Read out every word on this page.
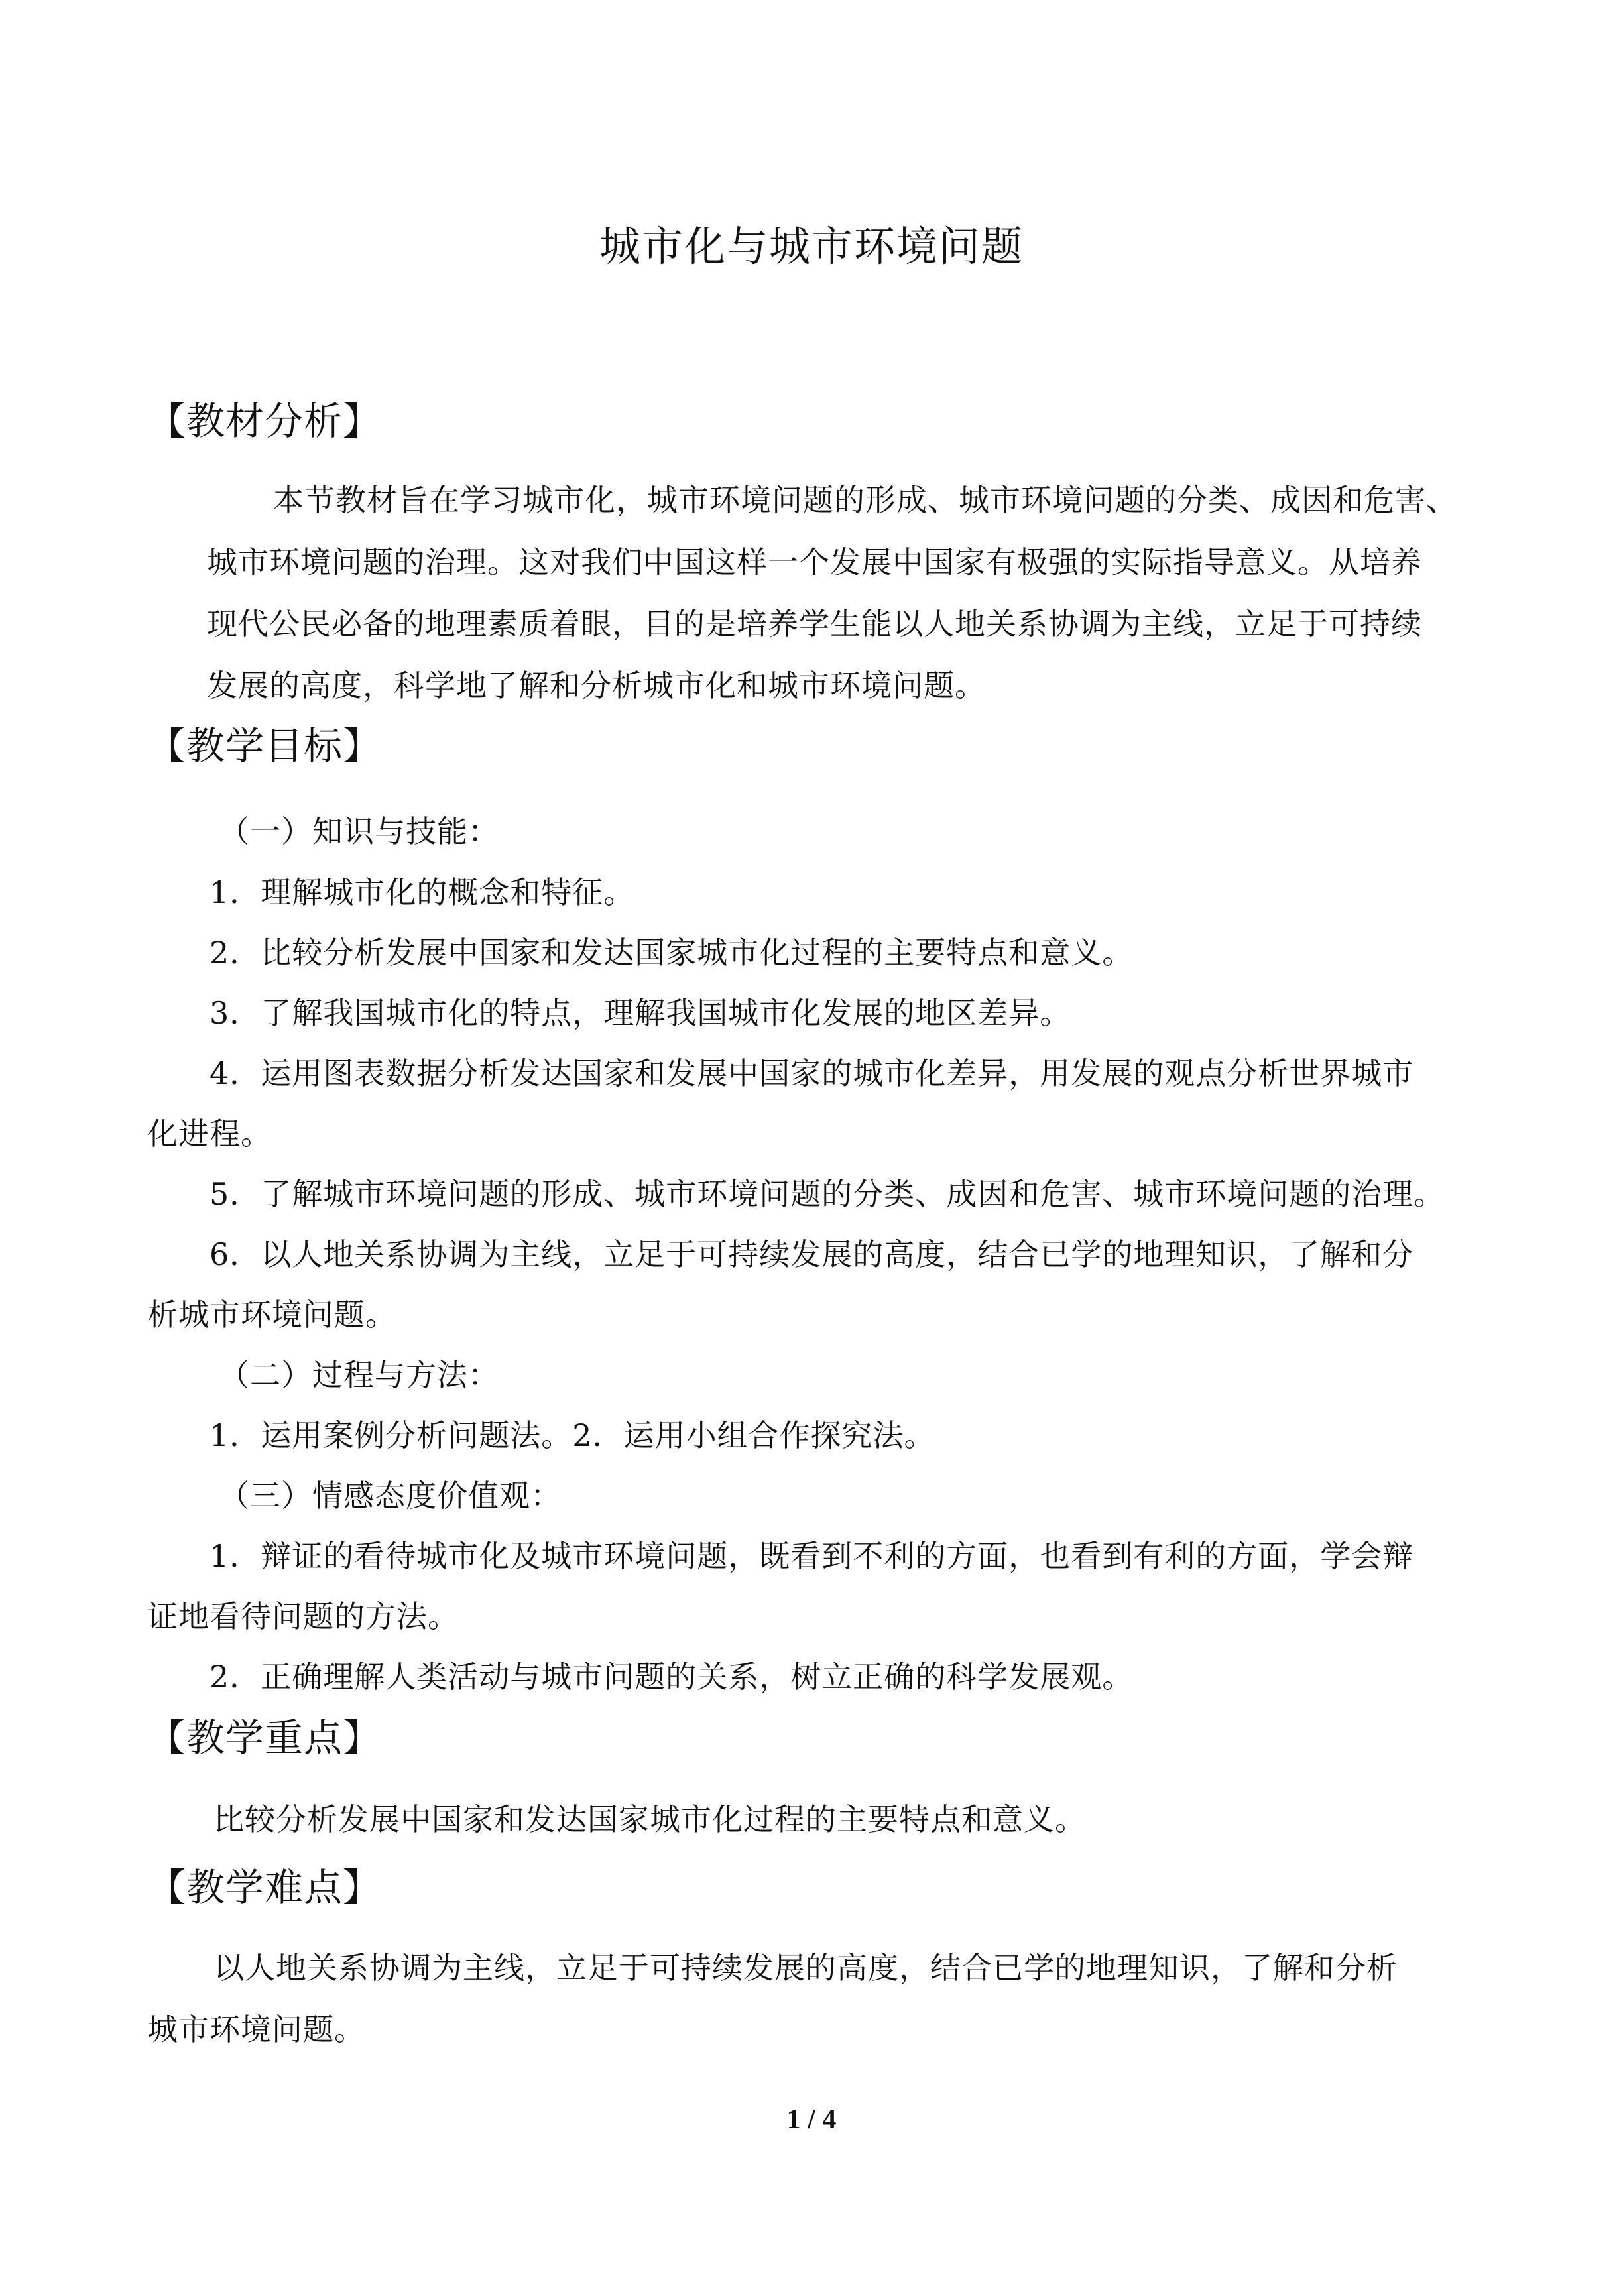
城市化与城市环境问题
【教材分析】
本节教材旨在学习城市化，城市环境问题的形成、城市环境问题的分类、成因和危害、
城市环境问题的治理。这对我们中国这样一个发展中国家有极强的实际指导意义。从培养
现代公民必备的地理素质着眼，目的是培养学生能以人地关系协调为主线，立足于可持续
发展的高度，科学地了解和分析城市化和城市环境问题。
【教学目标】
（一）知识与技能：
1．理解城市化的概念和特征。
2．比较分析发展中国家和发达国家城市化过程的主要特点和意义。
3．了解我国城市化的特点，理解我国城市化发展的地区差异。
4．运用图表数据分析发达国家和发展中国家的城市化差异，用发展的观点分析世界城市
化进程。
5．了解城市环境问题的形成、城市环境问题的分类、成因和危害、城市环境问题的治理。
6．以人地关系协调为主线，立足于可持续发展的高度，结合已学的地理知识，了解和分
析城市环境问题。
（二）过程与方法：
1．运用案例分析问题法。2．运用小组合作探究法。
（三）情感态度价值观：
1．辩证的看待城市化及城市环境问题，既看到不利的方面，也看到有利的方面，学会辩
证地看待问题的方法。
2．正确理解人类活动与城市问题的关系，树立正确的科学发展观。
【教学重点】
比较分析发展中国家和发达国家城市化过程的主要特点和意义。
【教学难点】
以人地关系协调为主线，立足于可持续发展的高度，结合已学的地理知识，了解和分析
城市环境问题。
1 / 4
